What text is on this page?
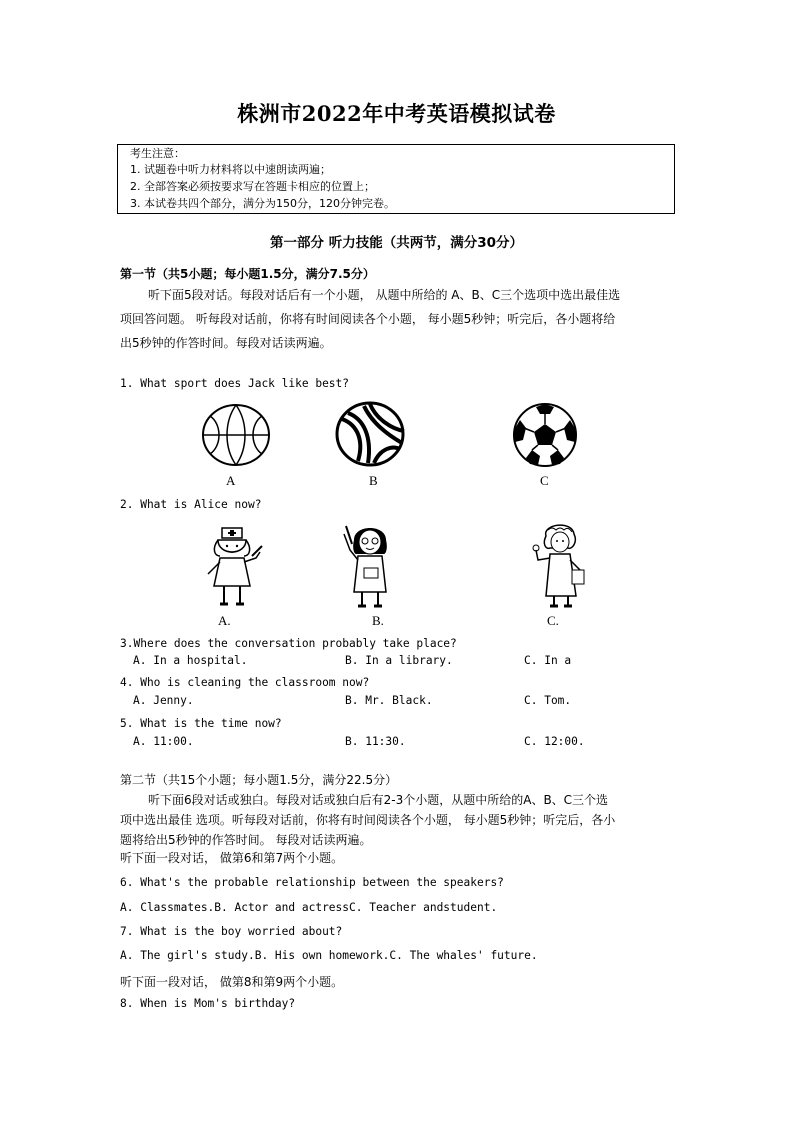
株洲市2022年中考英语模拟试卷
考生注意：
1. 试题卷中听力材料将以中速朗读两遍；
2. 全部答案必须按要求写在答题卡相应的位置上；
3. 本试卷共四个部分，满分为150分，120分钟完卷。
第一部分 听力技能（共两节，满分30分）
第一节（共5小题；每小题1.5分，满分7.5分）
听下面5段对话。每段对话后有一个小题， 从题中所给的 A、B、C三个选项中选出最佳选
项回答问题。 听每段对话前，你将有时间阅读各个小题， 每小题5秒钟；听完后，各小题将给
出5秒钟的作答时间。每段对话读两遍。
1. What sport does Jack like best?
A	B	C
2. What is Alice now?
A.	B.	C.
3.Where does the conversation probably take place?
A. In a hospital.	B. In a library.	C. In a
4. Who is cleaning the classroom now?
A. Jenny.	B. Mr. Black.	C. Tom.
5. What is the time now?
A. 11:00.	B. 11:30.	C. 12:00.
第二节（共15个小题；每小题1.5分，满分22.5分）
听下面6段对话或独白。每段对话或独白后有2-3个小题，从题中所给的A、B、C三个选
项中选出最佳 选项。听每段对话前，你将有时间阅读各个小题， 每小题5秒钟；听完后，各小
题将给出5秒钟的作答时间。 每段对话读两遍。
听下面一段对话， 做第6和第7两个小题。
6. What's the probable relationship between the speakers?
A. Classmates.B. Actor and actressC. Teacher andstudent.
7. What is the boy worried about?
A. The girl's study.B. His own homework.C. The whales' future.
听下面一段对话， 做第8和第9两个小题。
8. When is Mom's birthday?
